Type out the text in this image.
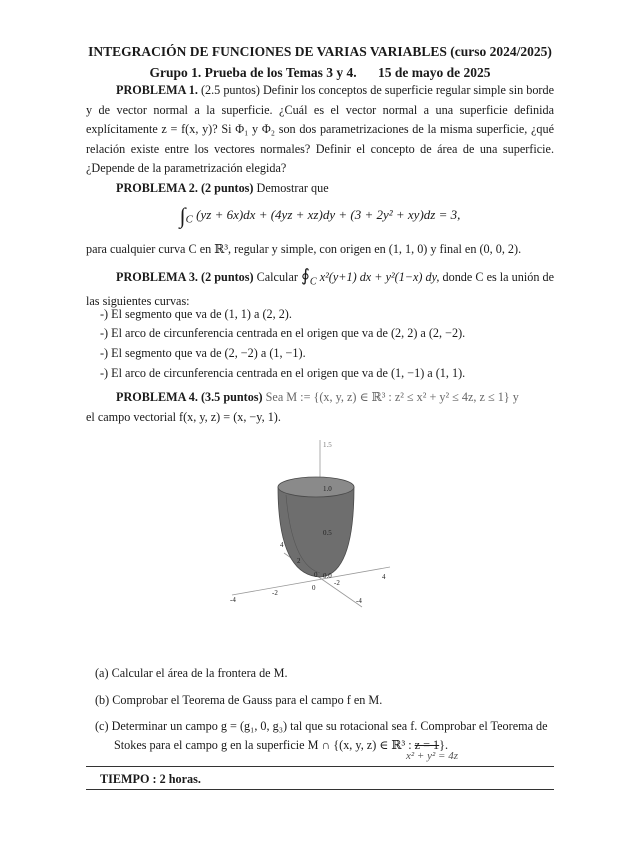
INTEGRACIÓN DE FUNCIONES DE VARIAS VARIABLES (curso 2024/2025)
Grupo 1. Prueba de los Temas 3 y 4. 15 de mayo de 2025
PROBLEMA 1. (2.5 puntos) Definir los conceptos de superficie regular simple sin borde y de vector normal a la superficie. ¿Cuál es el vector normal a una superficie definida explícitamente z = f(x, y)? Si Φ₁ y Φ₂ son dos parametrizaciones de la misma superficie, ¿qué relación existe entre los vectores normales? Definir el concepto de área de una superficie. ¿Depende de la parametrización elegida?
PROBLEMA 2. (2 puntos) Demostrar que
$\int_C$ (yz + 6x)dx + (4yz + xz)dy + (3 + 2y² + xy)dz = 3,
para cualquier curva C en ℝ³, regular y simple, con origen en (1, 1, 0) y final en (0, 0, 2).
PROBLEMA 3. (2 puntos) Calcular $∮_C$ x²(y+1) dx + y²(1−x) dy, donde C es la unión de las siguientes curvas:
-) El segmento que va de (1, 1) a (2, 2).
-) El arco de circunferencia centrada en el origen que va de (2, 2) a (2, −2).
-) El segmento que va de (2, −2) a (1, −1).
-) El arco de circunferencia centrada en el origen que va de (1, −1) a (1, 1).
PROBLEMA 4. (3.5 puntos) Sea M := {(x, y, z) ∈ ℝ³ : z² ≤ x² + y² ≤ 4z, z ≤ 1} y
el campo vectorial f(x, y, z) = (x, −y, 1).
1.5
1.0
0.5
0.0
4
2
0
-4
-2
0
-2
4
-4
(a) Calcular el área de la frontera de M.
(b) Comprobar el Teorema de Gauss para el campo f en M.
(c) Determinar un campo g = (g₁, 0, g₃) tal que su rotacional sea f. Comprobar el Teorema de
Stokes para el campo g en la superficie M ∩ {(x, y, z) ∈ ℝ³ : z = 1}.
x² + y² = 4z
TIEMPO : 2 horas.
